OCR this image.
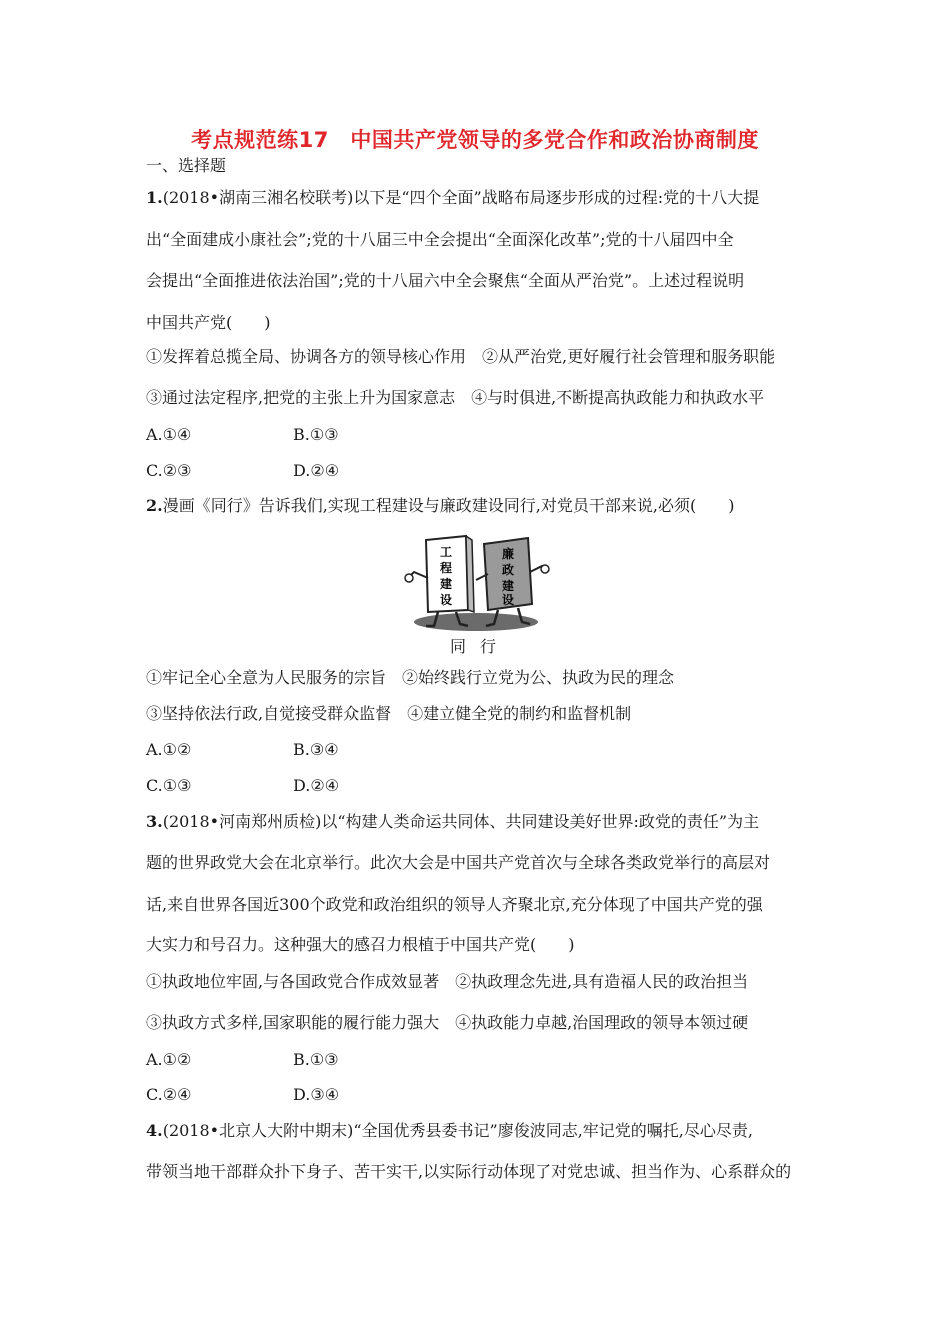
考点规范练17　中国共产党领导的多党合作和政治协商制度
一、选择题
1.(2018•湖南三湘名校联考)以下是“四个全面”战略布局逐步形成的过程:党的十八大提
出“全面建成小康社会”;党的十八届三中全会提出“全面深化改革”;党的十八届四中全
会提出“全面推进依法治国”;党的十八届六中全会聚焦“全面从严治党”。上述过程说明
中国共产党(　　)
①发挥着总揽全局、协调各方的领导核心作用　②从严治党,更好履行社会管理和服务职能
③通过法定程序,把党的主张上升为国家意志　④与时俱进,不断提高执政能力和执政水平
A.①④	B.①③
C.②③	D.②④
2.漫画《同行》告诉我们,实现工程建设与廉政建设同行,对党员干部来说,必须(　　)
工
程
建
设
廉
政
建
设
同行
①牢记全心全意为人民服务的宗旨　②始终践行立党为公、执政为民的理念
③坚持依法行政,自觉接受群众监督　④建立健全党的制约和监督机制
A.①②	B.③④
C.①③	D.②④
3.(2018•河南郑州质检)以“构建人类命运共同体、共同建设美好世界:政党的责任”为主
题的世界政党大会在北京举行。此次大会是中国共产党首次与全球各类政党举行的高层对
话,来自世界各国近300个政党和政治组织的领导人齐聚北京,充分体现了中国共产党的强
大实力和号召力。这种强大的感召力根植于中国共产党(　　)
①执政地位牢固,与各国政党合作成效显著　②执政理念先进,具有造福人民的政治担当
③执政方式多样,国家职能的履行能力强大　④执政能力卓越,治国理政的领导本领过硬
A.①②	B.①③
C.②④	D.③④
4.(2018•北京人大附中期末)“全国优秀县委书记”廖俊波同志,牢记党的嘱托,尽心尽责,
带领当地干部群众扑下身子、苦干实干,以实际行动体现了对党忠诚、担当作为、心系群众的
